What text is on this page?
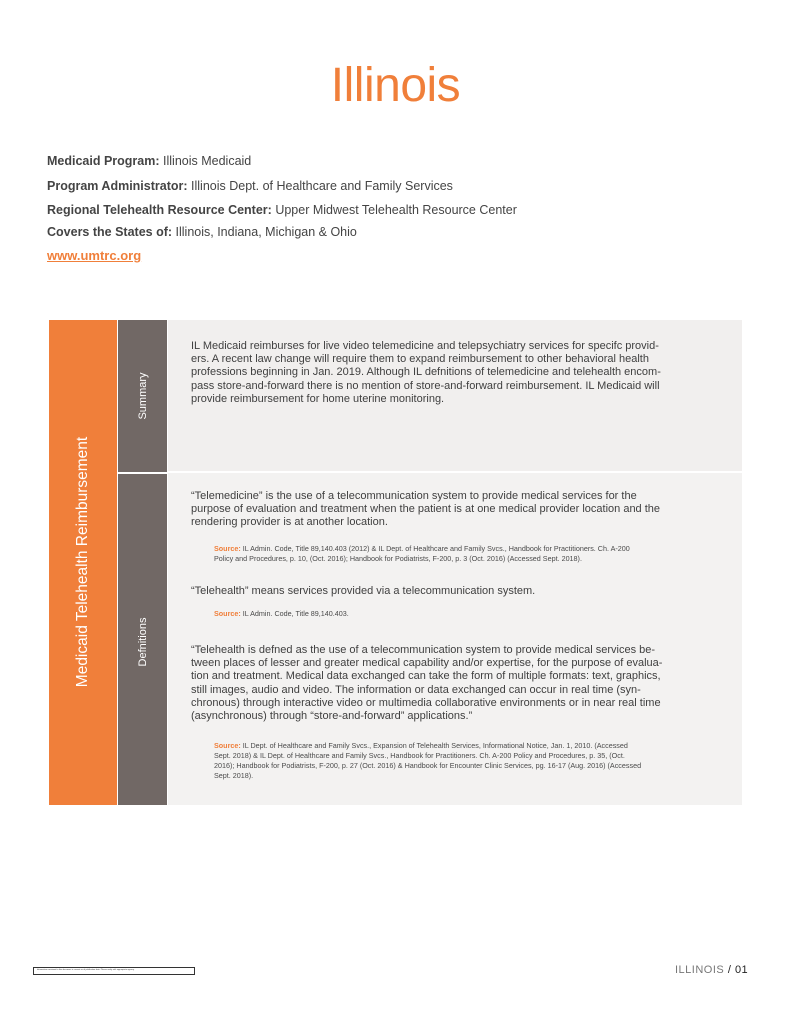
Illinois
Medicaid Program: Illinois Medicaid
Program Administrator: Illinois Dept. of Healthcare and Family Services
Regional Telehealth Resource Center: Upper Midwest Telehealth Resource Center
Covers the States of: Illinois, Indiana, Michigan & Ohio
www.umtrc.org
Medicaid Telehealth Reimbursement
Summary
Defnitions
IL Medicaid reimburses for live video telemedicine and telepsychiatry services for specifc provid-
ers. A recent law change will require them to expand reimbursement to other behavioral health
professions beginning in Jan. 2019. Although IL defnitions of telemedicine and telehealth encom-
pass store-and-forward there is no mention of store-and-forward reimbursement. IL Medicaid will
provide reimbursement for home uterine monitoring.
“Telemedicine” is the use of a telecommunication system to provide medical services for the
purpose of evaluation and treatment when the patient is at one medical provider location and the
rendering provider is at another location.
Source: IL Admin. Code, Title 89,140.403 (2012) & IL Dept. of Healthcare and Family Svcs., Handbook for Practitioners. Ch. A-200
Policy and Procedures, p. 10, (Oct. 2016); Handbook for Podiatrists, F-200, p. 3 (Oct. 2016) (Accessed Sept. 2018).
“Telehealth” means services provided via a telecommunication system.
Source: IL Admin. Code, Title 89,140.403.
“Telehealth is defned as the use of a telecommunication system to provide medical services be-
tween places of lesser and greater medical capability and/or expertise, for the purpose of evalua-
tion and treatment. Medical data exchanged can take the form of multiple formats: text, graphics,
still images, audio and video. The information or data exchanged can occur in real time (syn-
chronous) through interactive video or multimedia collaborative environments or in near real time
(asynchronous) through “store-and-forward” applications.”
Source: IL Dept. of Healthcare and Family Svcs., Expansion of Telehealth Services, Informational Notice, Jan. 1, 2010. (Accessed
Sept. 2018) & IL Dept. of Healthcare and Family Svcs., Handbook for Practitioners. Ch. A-200 Policy and Procedures, p. 35, (Oct.
2016); Handbook for Podiatrists, F-200, p. 27 (Oct. 2016) & Handbook for Encounter Clinic Services, pg. 16-17 (Aug. 2016) (Accessed
Sept. 2018).
Information contained in this document is current as of publication date. Please verify with appropriate agency.	ILLINOIS / 01
